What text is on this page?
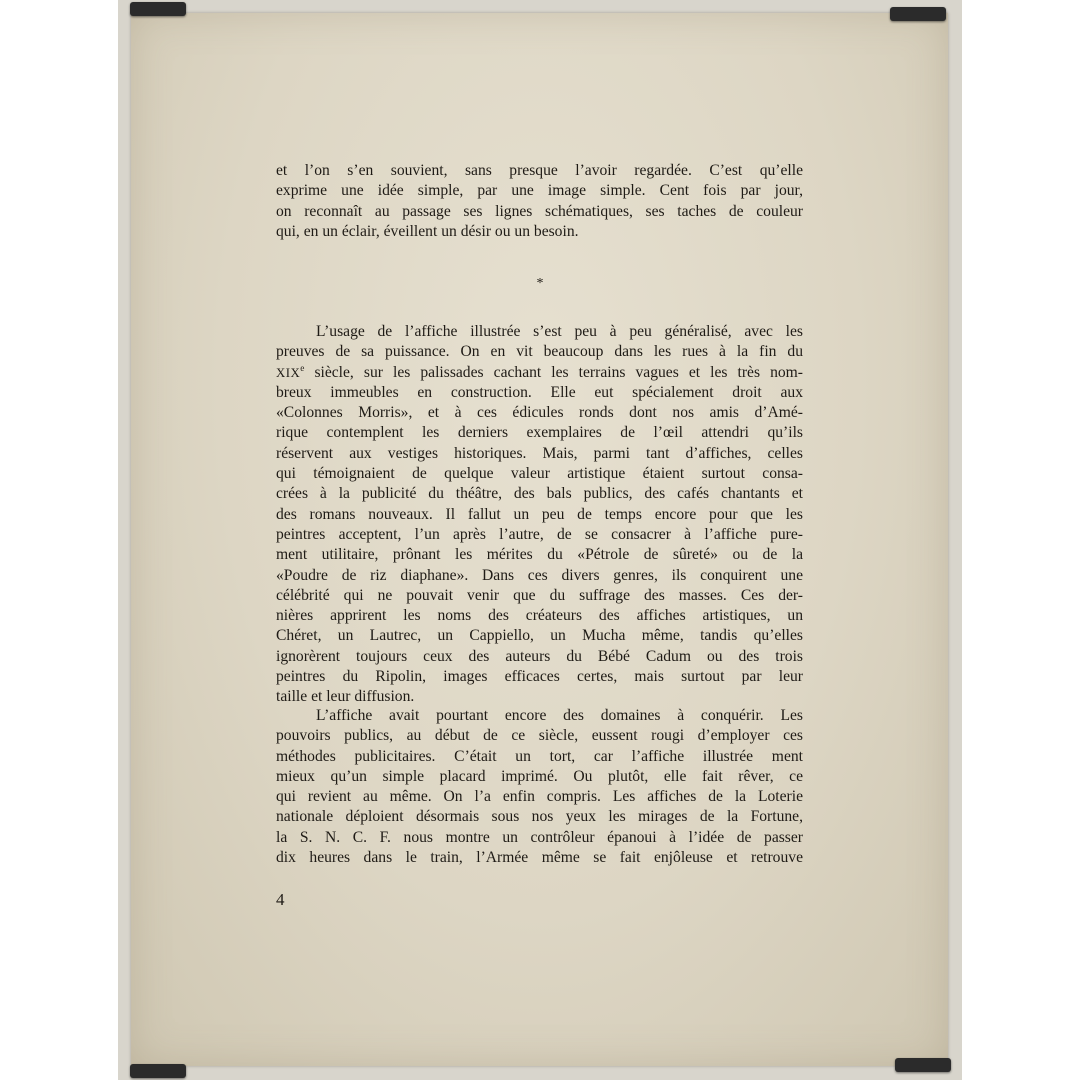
et l’on s’en souvient, sans presque l’avoir regardée. C’est qu’elle
exprime une idée simple, par une image simple. Cent fois par jour,
on reconnaît au passage ses lignes schématiques, ses taches de couleur
qui, en un éclair, éveillent un désir ou un besoin.
*
L’usage de l’affiche illustrée s’est peu à peu généralisé, avec les
preuves de sa puissance. On en vit beaucoup dans les rues à la fin du
XIXe siècle, sur les palissades cachant les terrains vagues et les très nom-
breux immeubles en construction. Elle eut spécialement droit aux
«Colonnes Morris», et à ces édicules ronds dont nos amis d’Amé-
rique contemplent les derniers exemplaires de l’œil attendri qu’ils
réservent aux vestiges historiques. Mais, parmi tant d’affiches, celles
qui témoignaient de quelque valeur artistique étaient surtout consa-
crées à la publicité du théâtre, des bals publics, des cafés chantants et
des romans nouveaux. Il fallut un peu de temps encore pour que les
peintres acceptent, l’un après l’autre, de se consacrer à l’affiche pure-
ment utilitaire, prônant les mérites du «Pétrole de sûreté» ou de la
«Poudre de riz diaphane». Dans ces divers genres, ils conquirent une
célébrité qui ne pouvait venir que du suffrage des masses. Ces der-
nières apprirent les noms des créateurs des affiches artistiques, un
Chéret, un Lautrec, un Cappiello, un Mucha même, tandis qu’elles
ignorèrent toujours ceux des auteurs du Bébé Cadum ou des trois
peintres du Ripolin, images efficaces certes, mais surtout par leur
taille et leur diffusion.
L’affiche avait pourtant encore des domaines à conquérir. Les
pouvoirs publics, au début de ce siècle, eussent rougi d’employer ces
méthodes publicitaires. C’était un tort, car l’affiche illustrée ment
mieux qu’un simple placard imprimé. Ou plutôt, elle fait rêver, ce
qui revient au même. On l’a enfin compris. Les affiches de la Loterie
nationale déploient désormais sous nos yeux les mirages de la Fortune,
la S. N. C. F. nous montre un contrôleur épanoui à l’idée de passer
dix heures dans le train, l’Armée même se fait enjôleuse et retrouve
4
